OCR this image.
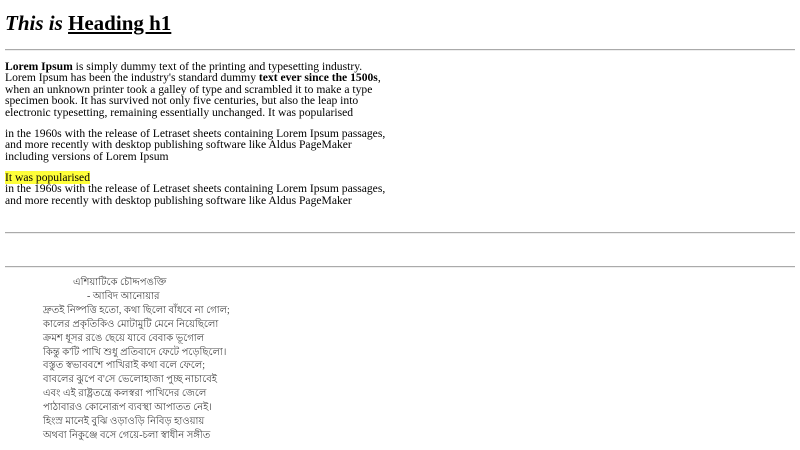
This is Heading h1
Lorem Ipsum is simply dummy text of the printing and typesetting industry.
Lorem Ipsum has been the industry's standard dummy text ever since the 1500s,
when an unknown printer took a galley of type and scrambled it to make a type
specimen book. It has survived not only five centuries, but also the leap into
electronic typesetting, remaining essentially unchanged. It was popularised
in the 1960s with the release of Letraset sheets containing Lorem Ipsum passages,
and more recently with desktop publishing software like Aldus PageMaker
including versions of Lorem Ipsum
It was popularised
in the 1960s with the release of Letraset sheets containing Lorem Ipsum passages,
and more recently with desktop publishing software like Aldus PageMaker
এশিয়াটিকে চৌদ্দপঙক্তি
- আবিদ আনোয়ার
দ্রুতই নিষ্পত্তি হতো, কথা ছিলো বাঁধবে না গোল;
কালের প্রকৃতিকিও মোটামুটি মেনে নিয়েছিলো
ক্রমশ ধূসর রঙে ছেয়ে যাবে বেবাক ভূগোল
কিন্তু ক'টি পাখি শুধু প্রতিবাদে ফেটে পড়েছিলো।
বস্তুত স্বভাববশে পাখিরাই কথা বলে ফেলে;
বাবলের ঝুপে ব'সে ভেলোহাজা পুচ্ছ নাচাবেই
এবং এই রাষ্ট্রতন্ত্রে কলস্বরা পাখিদের জেলে
পাঠাবারও কোনোরূপ ব্যবস্থা আপাতত নেই।
হিংস্র মানেই বুঝি ওড়াওড়ি নিবিড় হাওয়ায়
অথবা নিকুঞ্জে বসে গেয়ে-চলা স্বাধীন সঙ্গীত
